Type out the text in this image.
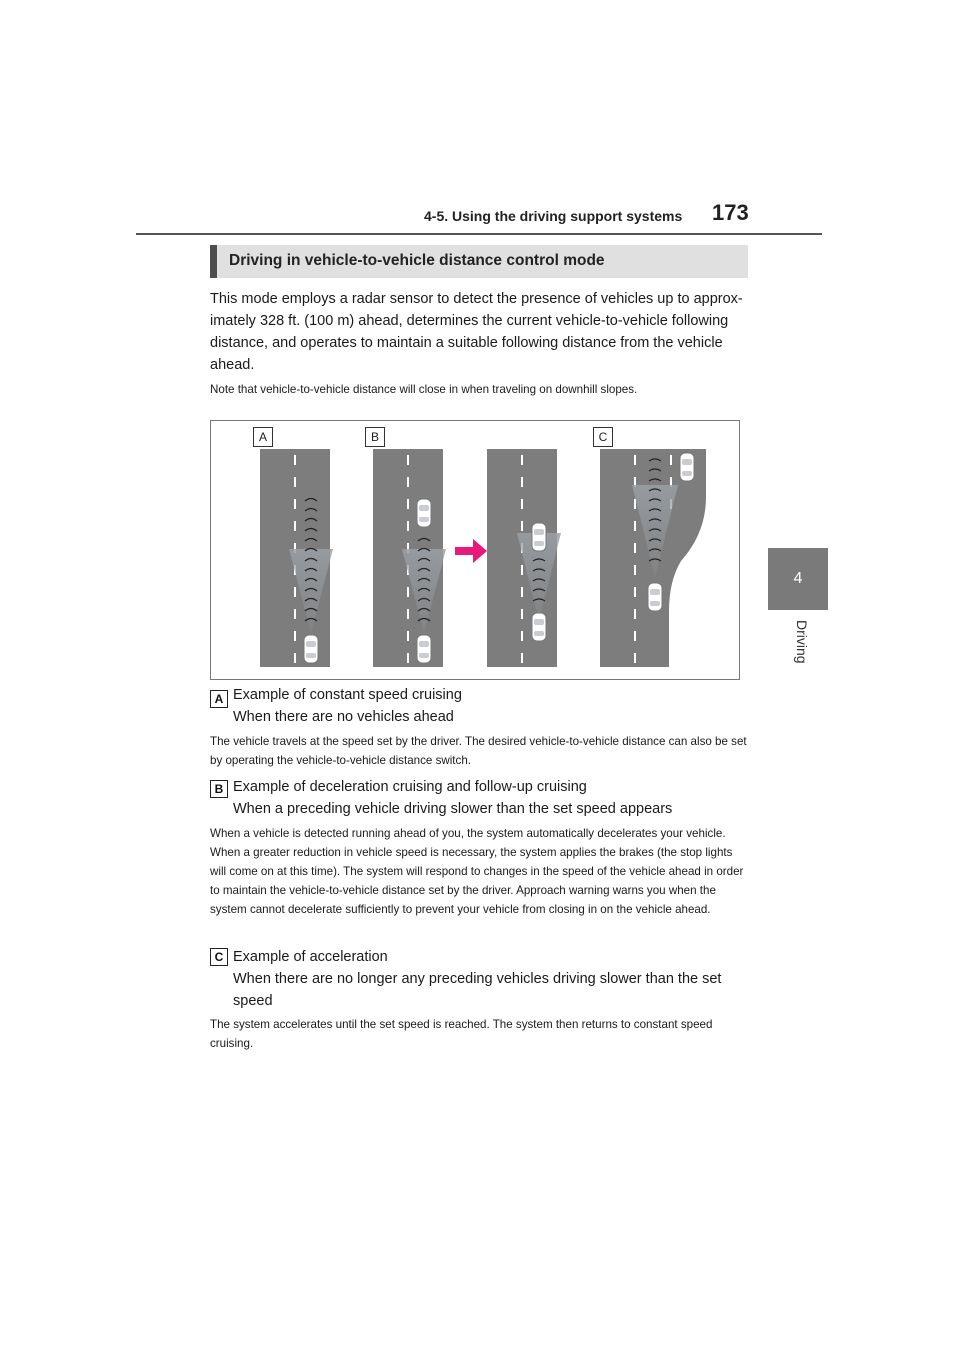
4-5. Using the driving support systems 173
4
Driving
Driving in vehicle-to-vehicle distance control mode
This mode employs a radar sensor to detect the presence of vehicles up to approx-imately 328 ft. (100 m) ahead, determines the current vehicle-to-vehicle following distance, and operates to maintain a suitable following distance from the vehicle ahead.
Note that vehicle-to-vehicle distance will close in when traveling on downhill slopes.
A	B	C
A Example of constant speed cruising
When there are no vehicles ahead
The vehicle travels at the speed set by the driver. The desired vehicle-to-vehicle distance can also be set by operating the vehicle-to-vehicle distance switch.
B Example of deceleration cruising and follow-up cruising
When a preceding vehicle driving slower than the set speed appears
When a vehicle is detected running ahead of you, the system automatically decelerates your vehicle. When a greater reduction in vehicle speed is necessary, the system applies the brakes (the stop lights will come on at this time). The system will respond to changes in the speed of the vehicle ahead in order to maintain the vehicle-to-vehicle distance set by the driver. Approach warning warns you when the system cannot decelerate sufficiently to prevent your vehicle from closing in on the vehicle ahead.
C Example of acceleration
When there are no longer any preceding vehicles driving slower than the set speed
The system accelerates until the set speed is reached. The system then returns to constant speed cruising.
